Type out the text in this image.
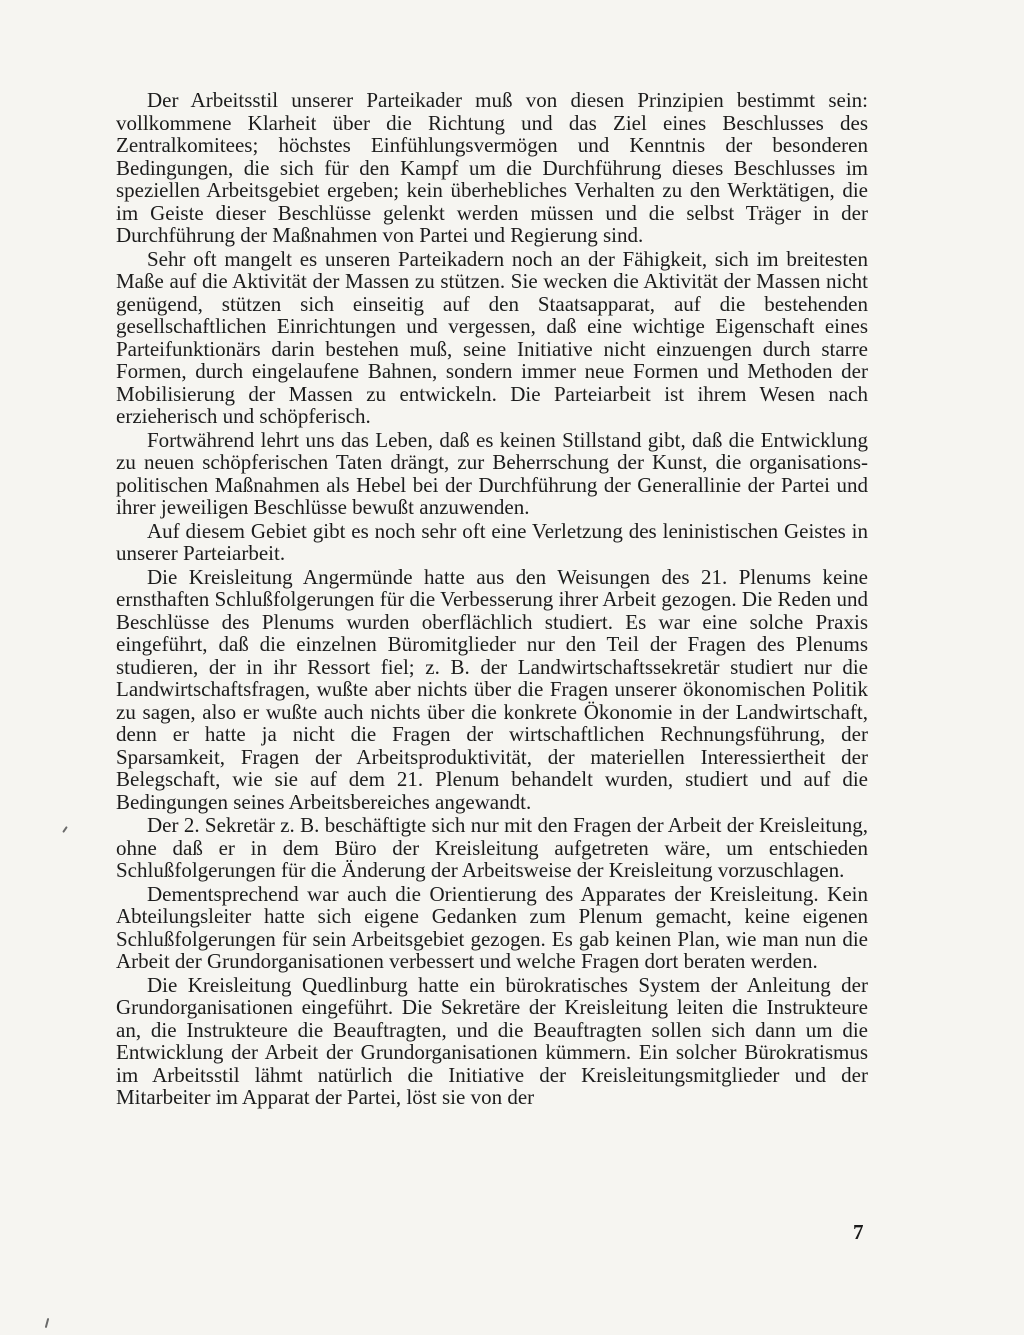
Der Arbeitsstil unserer Parteikader muß von diesen Prinzipien bestimmt sein: vollkommene Klarheit über die Richtung und das Ziel eines Beschlusses des Zentralkomitees; höchstes Einfühlungsvermögen und Kenntnis der besonderen Bedingungen, die sich für den Kampf um die Durchführung dieses Beschlusses im speziellen Arbeitsgebiet ergeben; kein überhebliches Verhalten zu den Werktätigen, die im Geiste dieser Beschlüsse gelenkt werden müssen und die selbst Träger in der Durchführung der Maßnahmen von Partei und Regierung sind.

Sehr oft mangelt es unseren Parteikadern noch an der Fähigkeit, sich im breitesten Maße auf die Aktivität der Massen zu stützen. Sie wecken die Aktivität der Massen nicht genügend, stützen sich einseitig auf den Staatsapparat, auf die bestehenden gesellschaftlichen Einrichtungen und vergessen, daß eine wichtige Eigenschaft eines Parteifunktionärs darin bestehen muß, seine Initiative nicht einzuengen durch starre Formen, durch eingelaufene Bahnen, sondern immer neue Formen und Methoden der Mobilisierung der Massen zu entwickeln. Die Parteiarbeit ist ihrem Wesen nach erzieherisch und schöpferisch.

Fortwährend lehrt uns das Leben, daß es keinen Stillstand gibt, daß die Entwicklung zu neuen schöpferischen Taten drängt, zur Beherrschung der Kunst, die organisations-politischen Maßnahmen als Hebel bei der Durchführung der Generallinie der Partei und ihrer jeweiligen Beschlüsse bewußt anzuwenden.

Auf diesem Gebiet gibt es noch sehr oft eine Verletzung des leninistischen Geistes in unserer Parteiarbeit.

Die Kreisleitung Angermünde hatte aus den Weisungen des 21. Plenums keine ernsthaften Schlußfolgerungen für die Verbesserung ihrer Arbeit gezogen. Die Reden und Beschlüsse des Plenums wurden oberflächlich studiert. Es war eine solche Praxis eingeführt, daß die einzelnen Büromitglieder nur den Teil der Fragen des Plenums studieren, der in ihr Ressort fiel; z. B. der Landwirtschaftssekretär studiert nur die Landwirtschaftsfragen, wußte aber nichts über die Fragen unserer ökonomischen Politik zu sagen, also er wußte auch nichts über die konkrete Ökonomie in der Landwirtschaft, denn er hatte ja nicht die Fragen der wirtschaftlichen Rechnungsführung, der Sparsamkeit, Fragen der Arbeitsproduktivität, der materiellen Interessiertheit der Belegschaft, wie sie auf dem 21. Plenum behandelt wurden, studiert und auf die Bedingungen seines Arbeitsbereiches angewandt.

Der 2. Sekretär z. B. beschäftigte sich nur mit den Fragen der Arbeit der Kreisleitung, ohne daß er in dem Büro der Kreisleitung aufgetreten wäre, um entschieden Schlußfolgerungen für die Änderung der Arbeitsweise der Kreisleitung vorzuschlagen.

Dementsprechend war auch die Orientierung des Apparates der Kreisleitung. Kein Abteilungsleiter hatte sich eigene Gedanken zum Plenum gemacht, keine eigenen Schlußfolgerungen für sein Arbeitsgebiet gezogen. Es gab keinen Plan, wie man nun die Arbeit der Grundorganisationen verbessert und welche Fragen dort beraten werden.

Die Kreisleitung Quedlinburg hatte ein bürokratisches System der Anleitung der Grundorganisationen eingeführt. Die Sekretäre der Kreisleitung leiten die Instrukteure an, die Instrukteure die Beauftragten, und die Beauftragten sollen sich dann um die Entwicklung der Arbeit der Grundorganisationen kümmern. Ein solcher Bürokratismus im Arbeitsstil lähmt natürlich die Initiative der Kreisleitungsmitglieder und der Mitarbeiter im Apparat der Partei, löst sie von der

7
